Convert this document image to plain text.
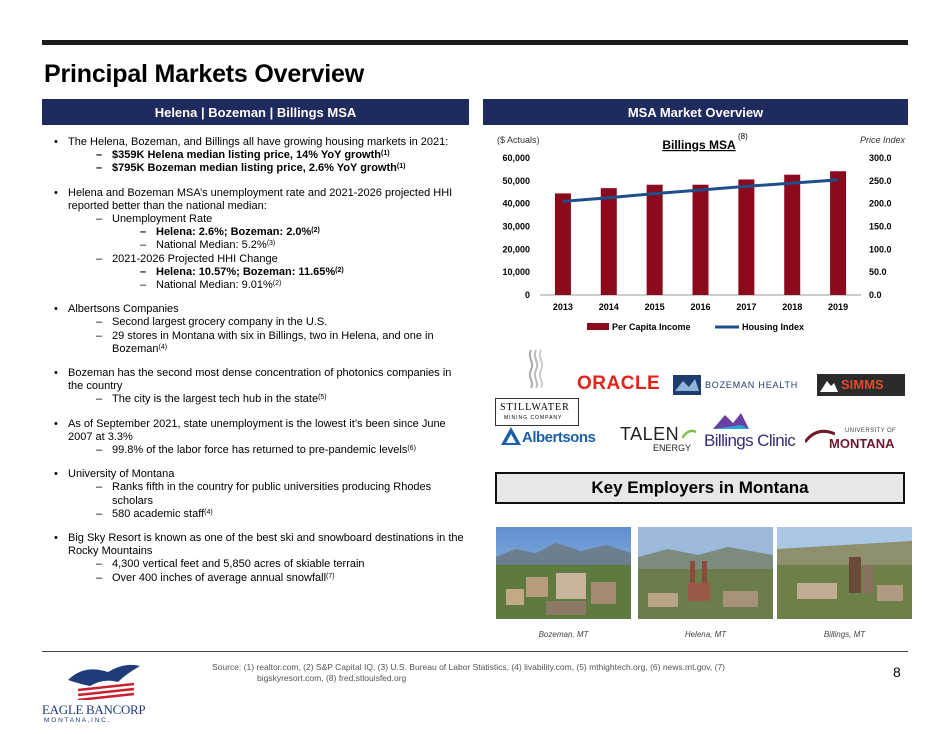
Principal Markets Overview
Helena | Bozeman | Billings MSA	MSA Market Overview
• The Helena, Bozeman, and Billings all have growing housing markets in 2021:
– $359K Helena median listing price, 14% YoY growth$^{(1)}$
– $795K Bozeman median listing price, 2.6% YoY growth$^{(1)}$
• Helena and Bozeman MSA’s unemployment rate and 2021-2026 projected HHI reported better than the national median:
– Unemployment Rate
– Helena: 2.6%; Bozeman: 2.0%$^{(2)}$
– National Median: 5.2%$^{(3)}$
– 2021-2026 Projected HHI Change
– Helena: 10.57%; Bozeman: 11.65%$^{(2)}$
– National Median: 9.01%$^{(2)}$
• Albertsons Companies
– Second largest grocery company in the U.S.
– 29 stores in Montana with six in Billings, two in Helena, and one in Bozeman$^{(4)}$
• Bozeman has the second most dense concentration of photonics companies in the country
– The city is the largest tech hub in the state$^{(5)}$
• As of September 2021, state unemployment is the lowest it’s been since June 2007 at 3.3%
– 99.8% of the labor force has returned to pre-pandemic levels$^{(6)}$
• University of Montana
– Ranks fifth in the country for public universities producing Rhodes scholars
– 580 academic staff$^{(4)}$
• Big Sky Resort is known as one of the best ski and snowboard destinations in the Rocky Mountains
– 4,300 vertical feet and 5,850 acres of skiable terrain
– Over 400 inches of average annual snowfall$^{(7)}$
($ Actuals)	Price Index
Billings MSA
(8)
0
10,000
20,000
30,000
40,000
50,000
60,000
0.0
50.0
100.0
150.0
200.0
250.0
300.0
2013	2014	2015	2016	2017	2018	2019
Per Capita Income	Housing Index
ORACLE	BOZEMAN HEALTH	SIMMS
STILLWATER
MINING COMPANY
Albertsons TALEN
ENERGY Billings Clinic	UNIVERSITY OF
MONTANA
Key Employers in Montana
Bozeman, MT	Helena, MT	Billings, MT
EAGLE BANCORP
M O N T A N A , I N C .
Source: (1) realtor.com, (2) S&P Capital IQ, (3) U.S. Bureau of Labor Statistics, (4) livability.com, (5) mthightech.org, (6) news.mt.gov, (7)
bigskyresort.com, (8) fred.stlouisfed.org	8
